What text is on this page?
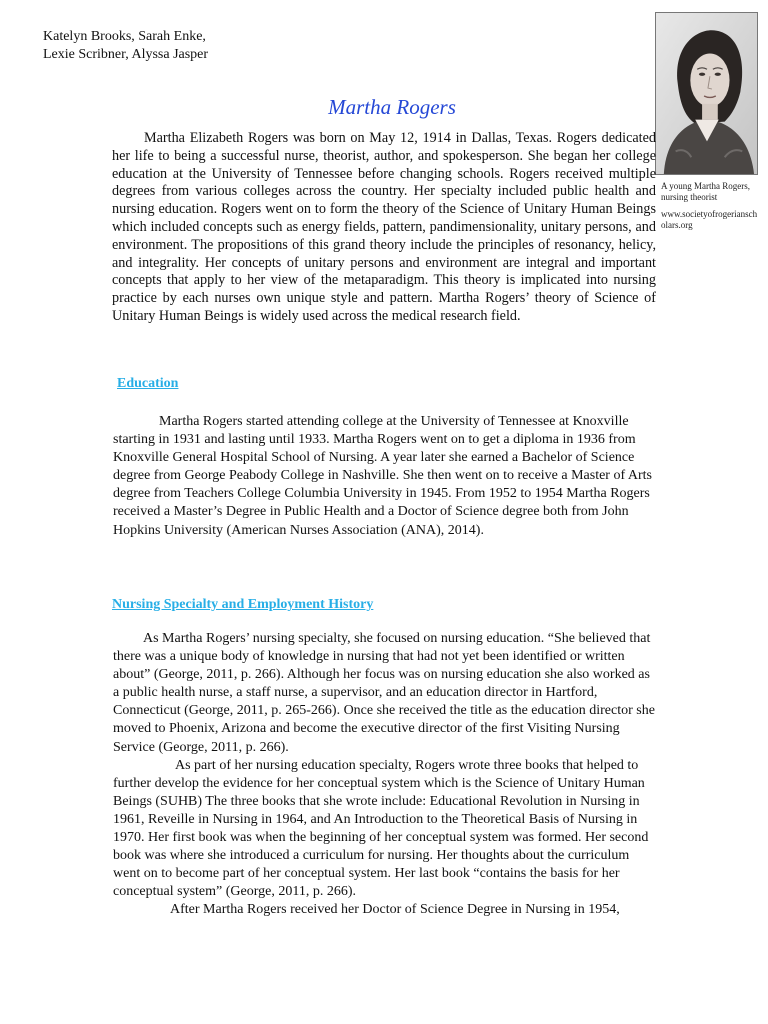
Katelyn Brooks, Sarah Enke,
Lexie Scribner, Alyssa Jasper
A young Martha Rogers, nursing theorist
www.societyofrogerianscholars.org
Martha Rogers

Martha Elizabeth Rogers was born on May 12, 1914 in Dallas, Texas. Rogers dedicated her life to being a successful nurse, theorist, author, and spokesperson. She began her college education at the University of Tennessee before changing schools. Rogers received multiple degrees from various colleges across the country. Her specialty included public health and nursing education. Rogers went on to form the theory of the Science of Unitary Human Beings which included concepts such as energy fields, pattern, pandimensionality, unitary persons, and environment. The propositions of this grand theory include the principles of resonancy, helicy, and integrality. Her concepts of unitary persons and environment are integral and important concepts that apply to her view of the metaparadigm. This theory is implicated into nursing practice by each nurses own unique style and pattern. Martha Rogers’ theory of Science of Unitary Human Beings is widely used across the medical research field.

Education

Martha Rogers started attending college at the University of Tennessee at Knoxville starting in 1931 and lasting until 1933. Martha Rogers went on to get a diploma in 1936 from Knoxville General Hospital School of Nursing. A year later she earned a Bachelor of Science degree from George Peabody College in Nashville. She then went on to receive a Master of Arts degree from Teachers College Columbia University in 1945. From 1952 to 1954 Martha Rogers received a Master’s Degree in Public Health and a Doctor of Science degree both from John Hopkins University (American Nurses Association (ANA), 2014).

Nursing Specialty and Employment History

As Martha Rogers’ nursing specialty, she focused on nursing education. “She believed that there was a unique body of knowledge in nursing that had not yet been identified or written about” (George, 2011, p. 266). Although her focus was on nursing education she also worked as a public health nurse, a staff nurse, a supervisor, and an education director in Hartford, Connecticut (George, 2011, p. 265-266). Once she received the title as the education director she moved to Phoenix, Arizona and become the executive director of the first Visiting Nursing Service (George, 2011, p. 266).

As part of her nursing education specialty, Rogers wrote three books that helped to further develop the evidence for her conceptual system which is the Science of Unitary Human Beings (SUHB) The three books that she wrote include: Educational Revolution in Nursing in 1961, Reveille in Nursing in 1964, and An Introduction to the Theoretical Basis of Nursing in 1970. Her first book was when the beginning of her conceptual system was formed. Her second book was where she introduced a curriculum for nursing. Her thoughts about the curriculum went on to become part of her conceptual system. Her last book “contains the basis for her conceptual system” (George, 2011, p. 266).

After Martha Rogers received her Doctor of Science Degree in Nursing in 1954,
